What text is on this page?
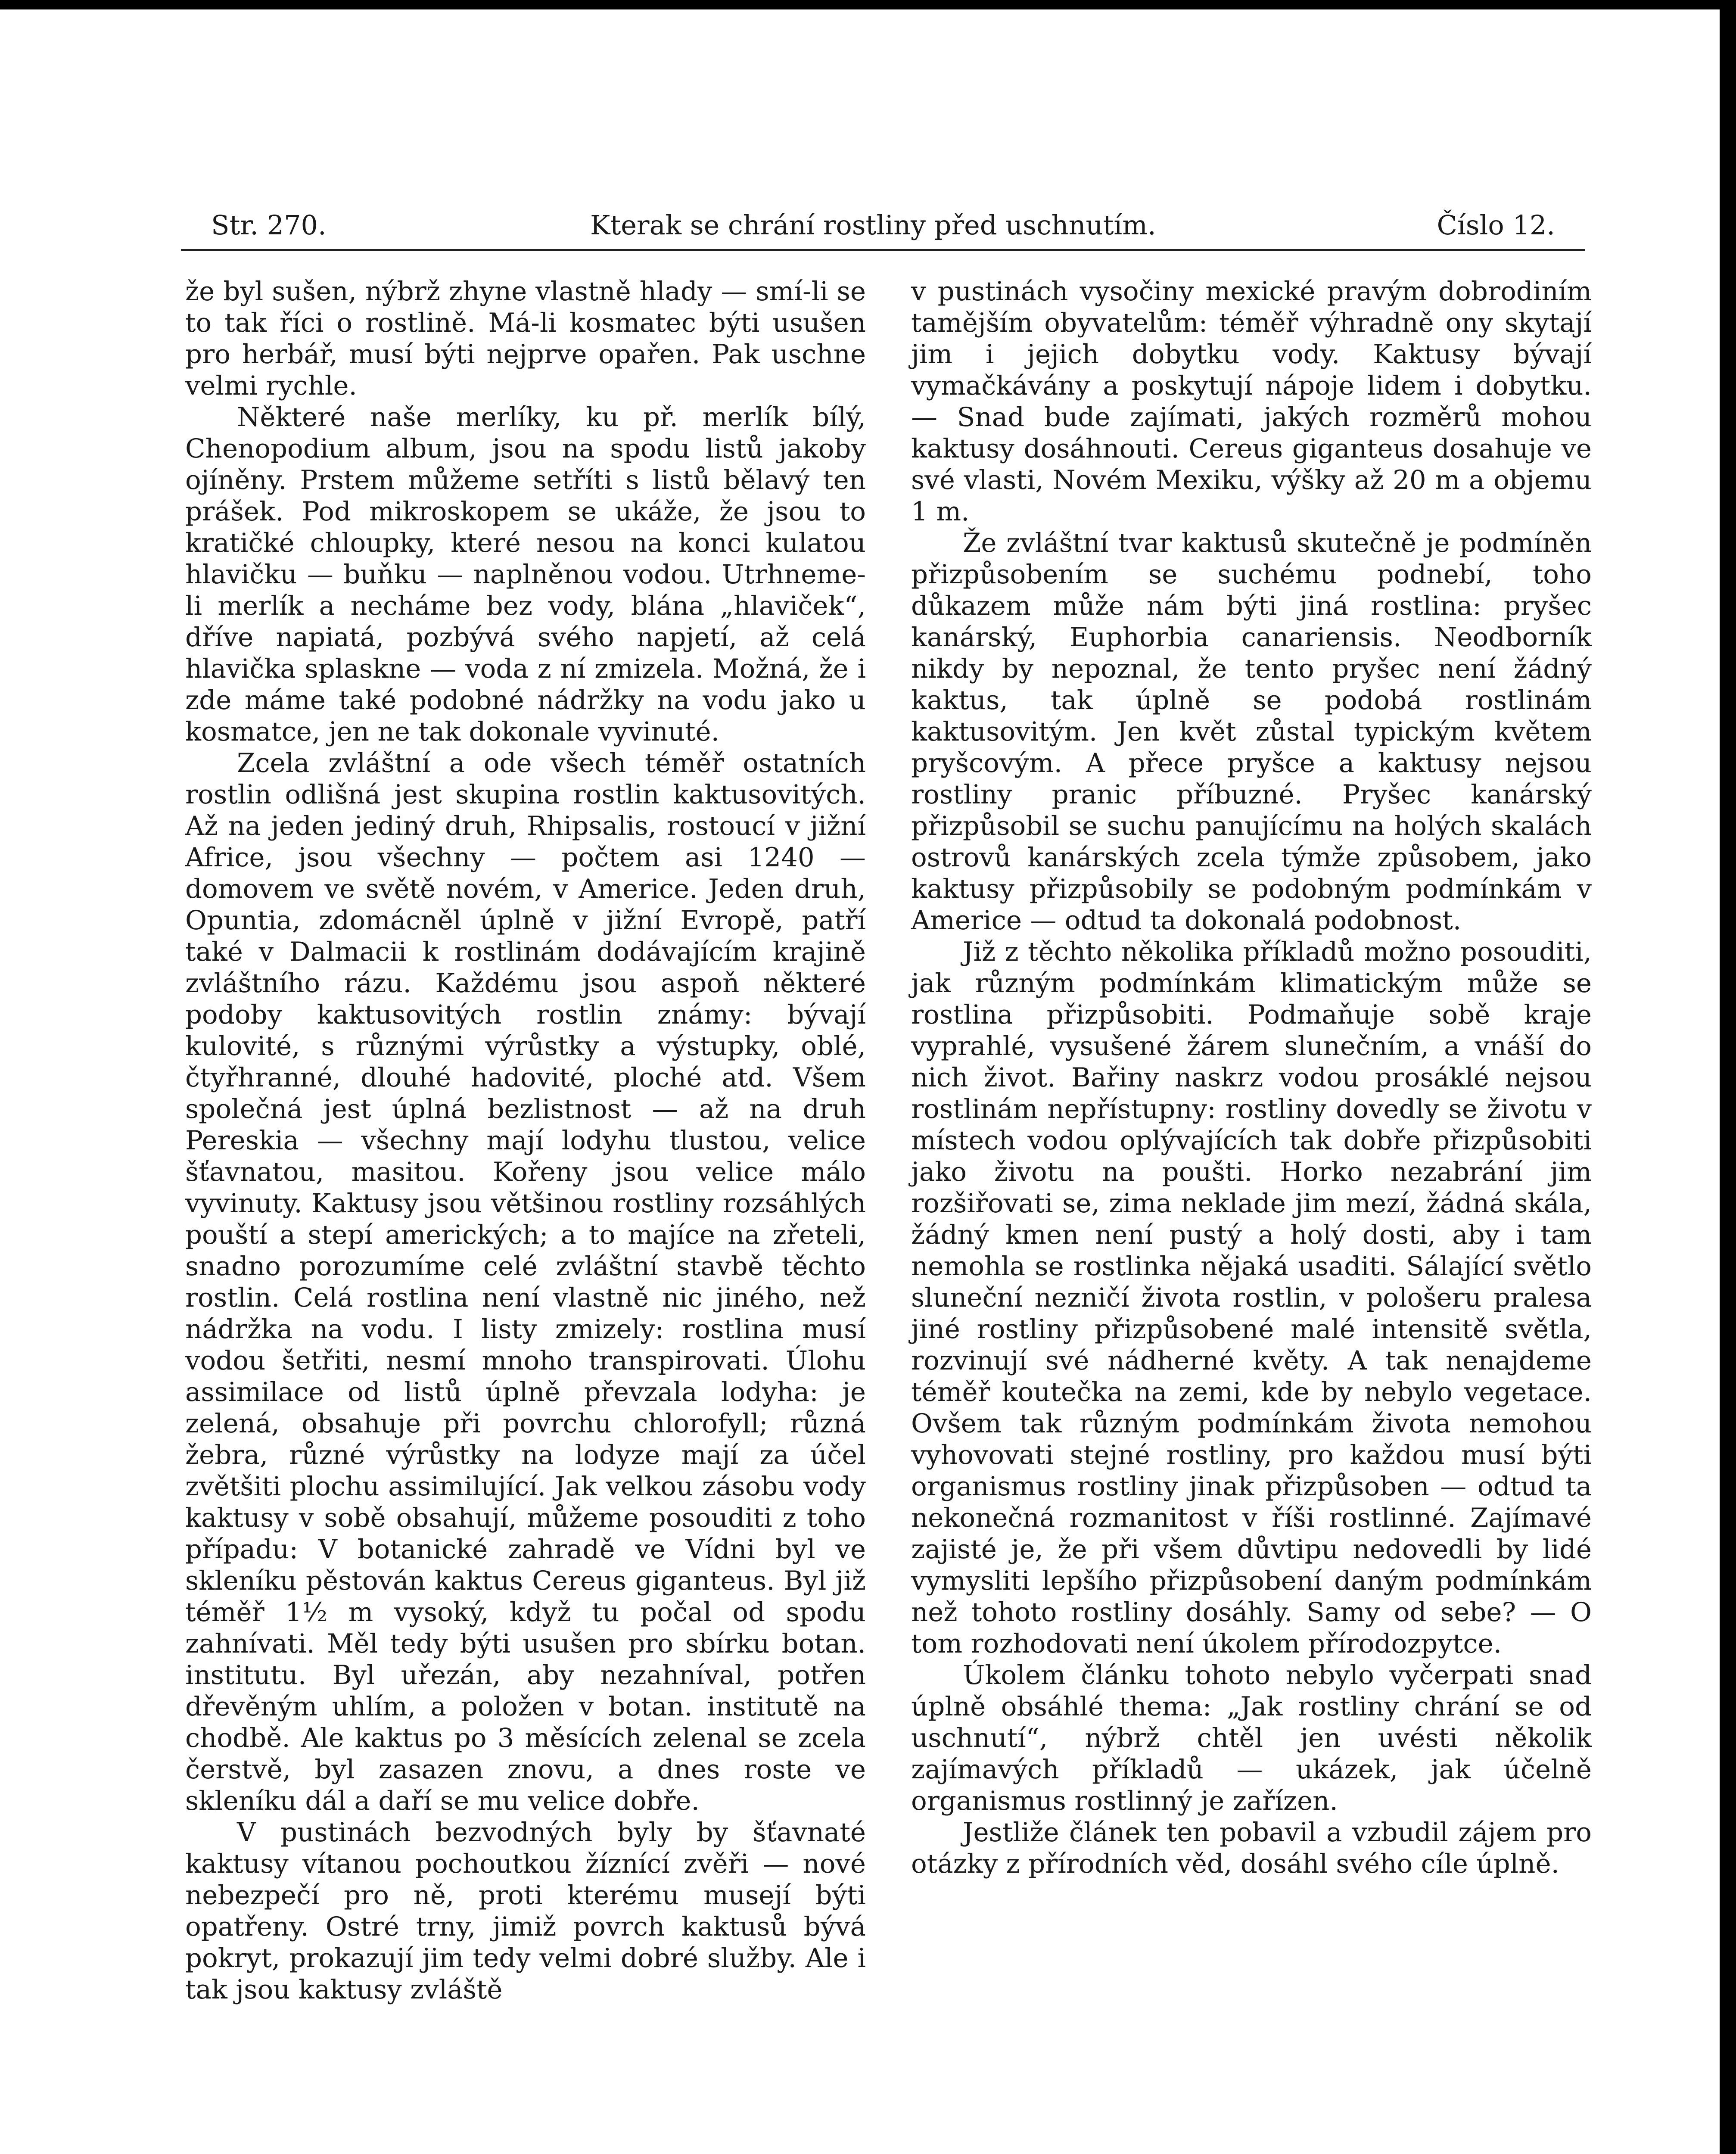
Str. 270.	Kterak se chrání rostliny před uschnutím.	Číslo 12.

že byl sušen, nýbrž zhyne vlastně hlady — smí-li se to tak říci o rostlině. Má-li kosmatec býti usušen pro herbář, musí býti nejprve opařen. Pak uschne velmi rychle.

Některé naše merlíky, ku př. merlík bílý, Chenopodium album, jsou na spodu listů jakoby ojíněny. Prstem můžeme setříti s listů bělavý ten prášek. Pod mikroskopem se ukáže, že jsou to kratičké chloupky, které nesou na konci kulatou hlavičku — buňku — naplněnou vodou. Utrhneme-li merlík a necháme bez vody, blána „hlaviček“, dříve napiatá, pozbývá svého napjetí, až celá hlavička splaskne — voda z ní zmizela. Možná, že i zde máme také podobné nádržky na vodu jako u kosmatce, jen ne tak dokonale vyvinuté.

Zcela zvláštní a ode všech téměř ostatních rostlin odlišná jest skupina rostlin kaktusovitých. Až na jeden jediný druh, Rhipsalis, rostoucí v jižní Africe, jsou všechny — počtem asi 1240 — domovem ve světě novém, v Americe. Jeden druh, Opuntia, zdomácněl úplně v jižní Evropě, patří také v Dalmacii k rostlinám dodávajícím krajině zvláštního rázu. Každému jsou aspoň některé podoby kaktusovitých rostlin známy: bývají kulovité, s různými výrůstky a výstupky, oblé, čtyřhranné, dlouhé hadovité, ploché atd. Všem společná jest úplná bezlistnost — až na druh Pereskia — všechny mají lodyhu tlustou, velice šťavnatou, masitou. Kořeny jsou velice málo vyvinuty. Kaktusy jsou většinou rostliny rozsáhlých pouští a stepí amerických; a to majíce na zřeteli, snadno porozumíme celé zvláštní stavbě těchto rostlin. Celá rostlina není vlastně nic jiného, než nádržka na vodu. I listy zmizely: rostlina musí vodou šetřiti, nesmí mnoho transpirovati. Úlohu assimilace od listů úplně převzala lodyha: je zelená, obsahuje při povrchu chlorofyll; různá žebra, různé výrůstky na lodyze mají za účel zvětšiti plochu assimilující. Jak velkou zásobu vody kaktusy v sobě obsahují, můžeme posouditi z toho případu: V botanické zahradě ve Vídni byl ve skleníku pěstován kaktus Cereus giganteus. Byl již téměř 1½ m vysoký, když tu počal od spodu zahnívati. Měl tedy býti usušen pro sbírku botan. institutu. Byl uřezán, aby nezahníval, potřen dřevěným uhlím, a položen v botan. institutě na chodbě. Ale kaktus po 3 měsících zelenal se zcela čerstvě, byl zasazen znovu, a dnes roste ve skleníku dál a daří se mu velice dobře.

V pustinách bezvodných byly by šťavnaté kaktusy vítanou pochoutkou žíznící zvěři — nové nebezpečí pro ně, proti kterému musejí býti opatřeny. Ostré trny, jimiž povrch kaktusů bývá pokryt, prokazují jim tedy velmi dobré služby. Ale i tak jsou kaktusy zvláště

v pustinách vysočiny mexické pravým dobrodiním tamějším obyvatelům: téměř výhradně ony skytají jim i jejich dobytku vody. Kaktusy bývají vymačkávány a poskytují nápoje lidem i dobytku. — Snad bude zajímati, jakých rozměrů mohou kaktusy dosáhnouti. Cereus giganteus dosahuje ve své vlasti, Novém Mexiku, výšky až 20 m a objemu 1 m.

Že zvláštní tvar kaktusů skutečně je podmíněn přizpůsobením se suchému podnebí, toho důkazem může nám býti jiná rostlina: pryšec kanárský, Euphorbia canariensis. Neodborník nikdy by nepoznal, že tento pryšec není žádný kaktus, tak úplně se podobá rostlinám kaktusovitým. Jen květ zůstal typickým květem pryšcovým. A přece pryšce a kaktusy nejsou rostliny pranic příbuzné. Pryšec kanárský přizpůsobil se suchu panujícímu na holých skalách ostrovů kanárských zcela týmže způsobem, jako kaktusy přizpůsobily se podobným podmínkám v Americe — odtud ta dokonalá podobnost.

Již z těchto několika příkladů možno posouditi, jak různým podmínkám klimatickým může se rostlina přizpůsobiti. Podmaňuje sobě kraje vyprahlé, vysušené žárem slunečním, a vnáší do nich život. Bařiny naskrz vodou prosáklé nejsou rostlinám nepřístupny: rostliny dovedly se životu v místech vodou oplývajících tak dobře přizpůsobiti jako životu na poušti. Horko nezabrání jim rozšiřovati se, zima neklade jim mezí, žádná skála, žádný kmen není pustý a holý dosti, aby i tam nemohla se rostlinka nějaká usaditi. Sálající světlo sluneční nezničí života rostlin, v pološeru pralesa jiné rostliny přizpůsobené malé intensitě světla, rozvinují své nádherné květy. A tak nenajdeme téměř koutečka na zemi, kde by nebylo vegetace. Ovšem tak různým podmínkám života nemohou vyhovovati stejné rostliny, pro každou musí býti organismus rostliny jinak přizpůsoben — odtud ta nekonečná rozmanitost v říši rostlinné. Zajímavé zajisté je, že při všem důvtipu nedovedli by lidé vymysliti lepšího přizpůsobení daným podmínkám než tohoto rostliny dosáhly. Samy od sebe? — O tom rozhodovati není úkolem přírodozpytce.

Úkolem článku tohoto nebylo vyčerpati snad úplně obsáhlé thema: „Jak rostliny chrání se od uschnutí“, nýbrž chtěl jen uvésti několik zajímavých příkladů — ukázek, jak účelně organismus rostlinný je zařízen.

Jestliže článek ten pobavil a vzbudil zájem pro otázky z přírodních věd, dosáhl svého cíle úplně.
